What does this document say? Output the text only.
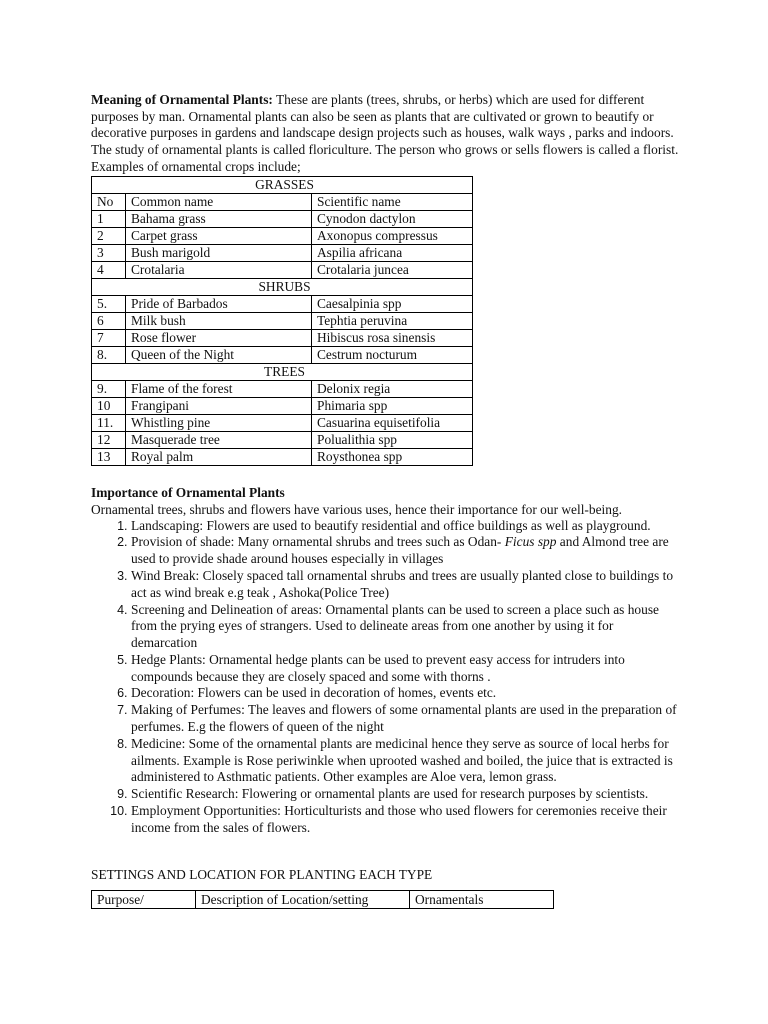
Meaning of Ornamental Plants: These are plants (trees, shrubs, or herbs) which are used for different purposes by man. Ornamental plants can also be seen as plants that are cultivated or grown to beautify or decorative purposes in gardens and landscape design projects such as houses, walk ways , parks and indoors. The study of ornamental plants is called floriculture. The person who grows or sells flowers is called a florist. Examples of ornamental crops include;

GRASSES		
No	Common name	Scientific name
1	Bahama grass	Cynodon dactylon
2	Carpet grass	Axonopus compressus
3	Bush marigold	Aspilia africana
4	Crotalaria	Crotalaria juncea
SHRUBS		
5.	Pride of Barbados	Caesalpinia spp
6	Milk bush	Tephtia peruvina
7	Rose flower	Hibiscus rosa sinensis
8.	Queen of the Night	Cestrum nocturum
TREES		
9.	Flame of the forest	Delonix regia
10	Frangipani	Phimaria spp
11.	Whistling pine	Casuarina equisetifolia
12	Masquerade tree	Polualithia spp
13	Royal palm	Roysthonea spp
Importance of Ornamental Plants

Ornamental trees, shrubs and flowers have various uses, hence their importance for our well-being.

1. Landscaping: Flowers are used to beautify residential and office buildings as well as playground.
2. Provision of shade: Many ornamental shrubs and trees such as Odan- Ficus spp and Almond tree are used to provide shade around houses especially in villages
3. Wind Break: Closely spaced tall ornamental shrubs and trees are usually planted close to buildings to act as wind break e.g teak , Ashoka(Police Tree)
4. Screening and Delineation of areas: Ornamental plants can be used to screen a place such as house from the prying eyes of strangers. Used to delineate areas from one another by using it for demarcation
5. Hedge Plants: Ornamental hedge plants can be used to prevent easy access for intruders into compounds because they are closely spaced and some with thorns .
6. Decoration: Flowers can be used in decoration of homes, events etc.
7. Making of Perfumes: The leaves and flowers of some ornamental plants are used in the preparation of perfumes. E.g the flowers of queen of the night
8. Medicine: Some of the ornamental plants are medicinal hence they serve as source of local herbs for ailments. Example is Rose periwinkle when uprooted washed and boiled, the juice that is extracted is administered to Asthmatic patients. Other examples are Aloe vera, lemon grass.
9. Scientific Research: Flowering or ornamental plants are used for research purposes by scientists.
10. Employment Opportunities: Horticulturists and those who used flowers for ceremonies receive their income from the sales of flowers.

SETTINGS AND LOCATION FOR PLANTING EACH TYPE

Purpose/	Description of Location/setting	Ornamentals
